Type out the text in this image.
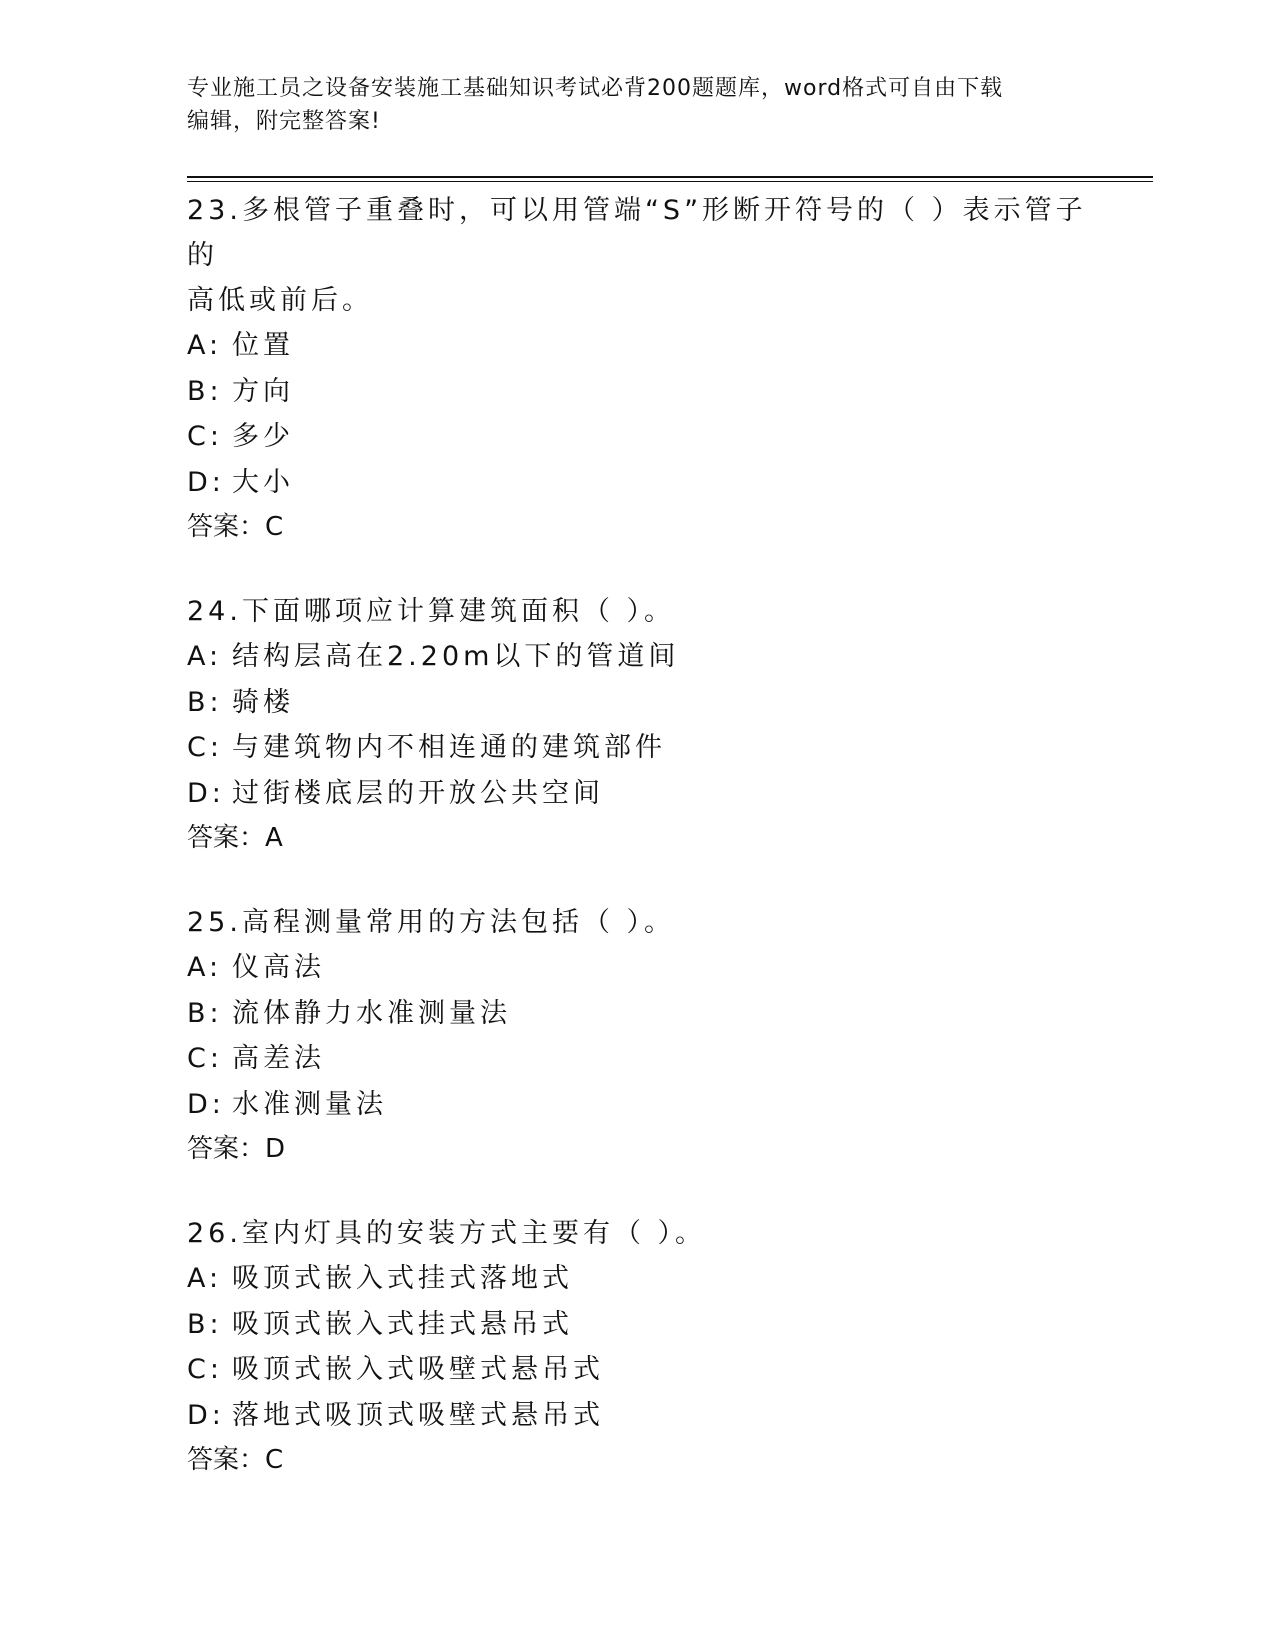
专业施工员之设备安装施工基础知识考试必背200题题库，word格式可自由下载
编辑，附完整答案!
23.多根管子重叠时，可以用管端“S”形断开符号的（ ）表示管子的
高低或前后。
A: 位置
B: 方向
C: 多少
D: 大小
答案：C
24.下面哪项应计算建筑面积（ ）。
A: 结构层高在2.20m以下的管道间
B: 骑楼
C: 与建筑物内不相连通的建筑部件
D: 过街楼底层的开放公共空间
答案：A
25.高程测量常用的方法包括（ ）。
A: 仪高法
B: 流体静力水准测量法
C: 高差法
D: 水准测量法
答案：D
26.室内灯具的安装方式主要有（ ）。
A: 吸顶式嵌入式挂式落地式
B: 吸顶式嵌入式挂式悬吊式
C: 吸顶式嵌入式吸壁式悬吊式
D: 落地式吸顶式吸壁式悬吊式
答案：C
